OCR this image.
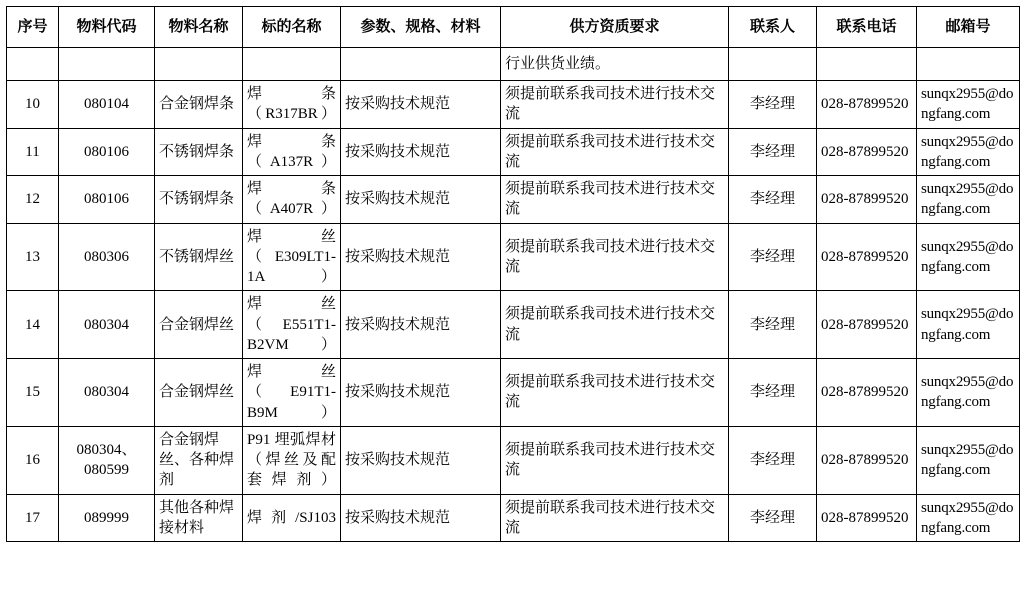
序号	物料代码	物料名称	标的名称	参数、规格、材料	供方资质要求	联系人	联系电话	邮箱号
					行业供货业绩。			
10	080104	合金钢焊条	焊条（R317BR）	按采购技术规范	须提前联系我司技术进行技术交流	李经理	028-87899520	sunqx2955@dongfang.com
11	080106	不锈钢焊条	焊条（A137R）	按采购技术规范	须提前联系我司技术进行技术交流	李经理	028-87899520	sunqx2955@dongfang.com
12	080106	不锈钢焊条	焊条（A407R）	按采购技术规范	须提前联系我司技术进行技术交流	李经理	028-87899520	sunqx2955@dongfang.com
13	080306	不锈钢焊丝	焊丝（E309LT1-1A）	按采购技术规范	须提前联系我司技术进行技术交流	李经理	028-87899520	sunqx2955@dongfang.com
14	080304	合金钢焊丝	焊丝（E551T1-B2VM）	按采购技术规范	须提前联系我司技术进行技术交流	李经理	028-87899520	sunqx2955@dongfang.com
15	080304	合金钢焊丝	焊丝（E91T1-B9M）	按采购技术规范	须提前联系我司技术进行技术交流	李经理	028-87899520	sunqx2955@dongfang.com
16	080304、080599	合金钢焊丝、各种焊剂	P91 埋弧焊材（焊丝及配套焊剂）	按采购技术规范	须提前联系我司技术进行技术交流	李经理	028-87899520	sunqx2955@dongfang.com
17	089999	其他各种焊接材料	焊剂/SJ103	按采购技术规范	须提前联系我司技术进行技术交流	李经理	028-87899520	sunqx2955@dongfang.com
